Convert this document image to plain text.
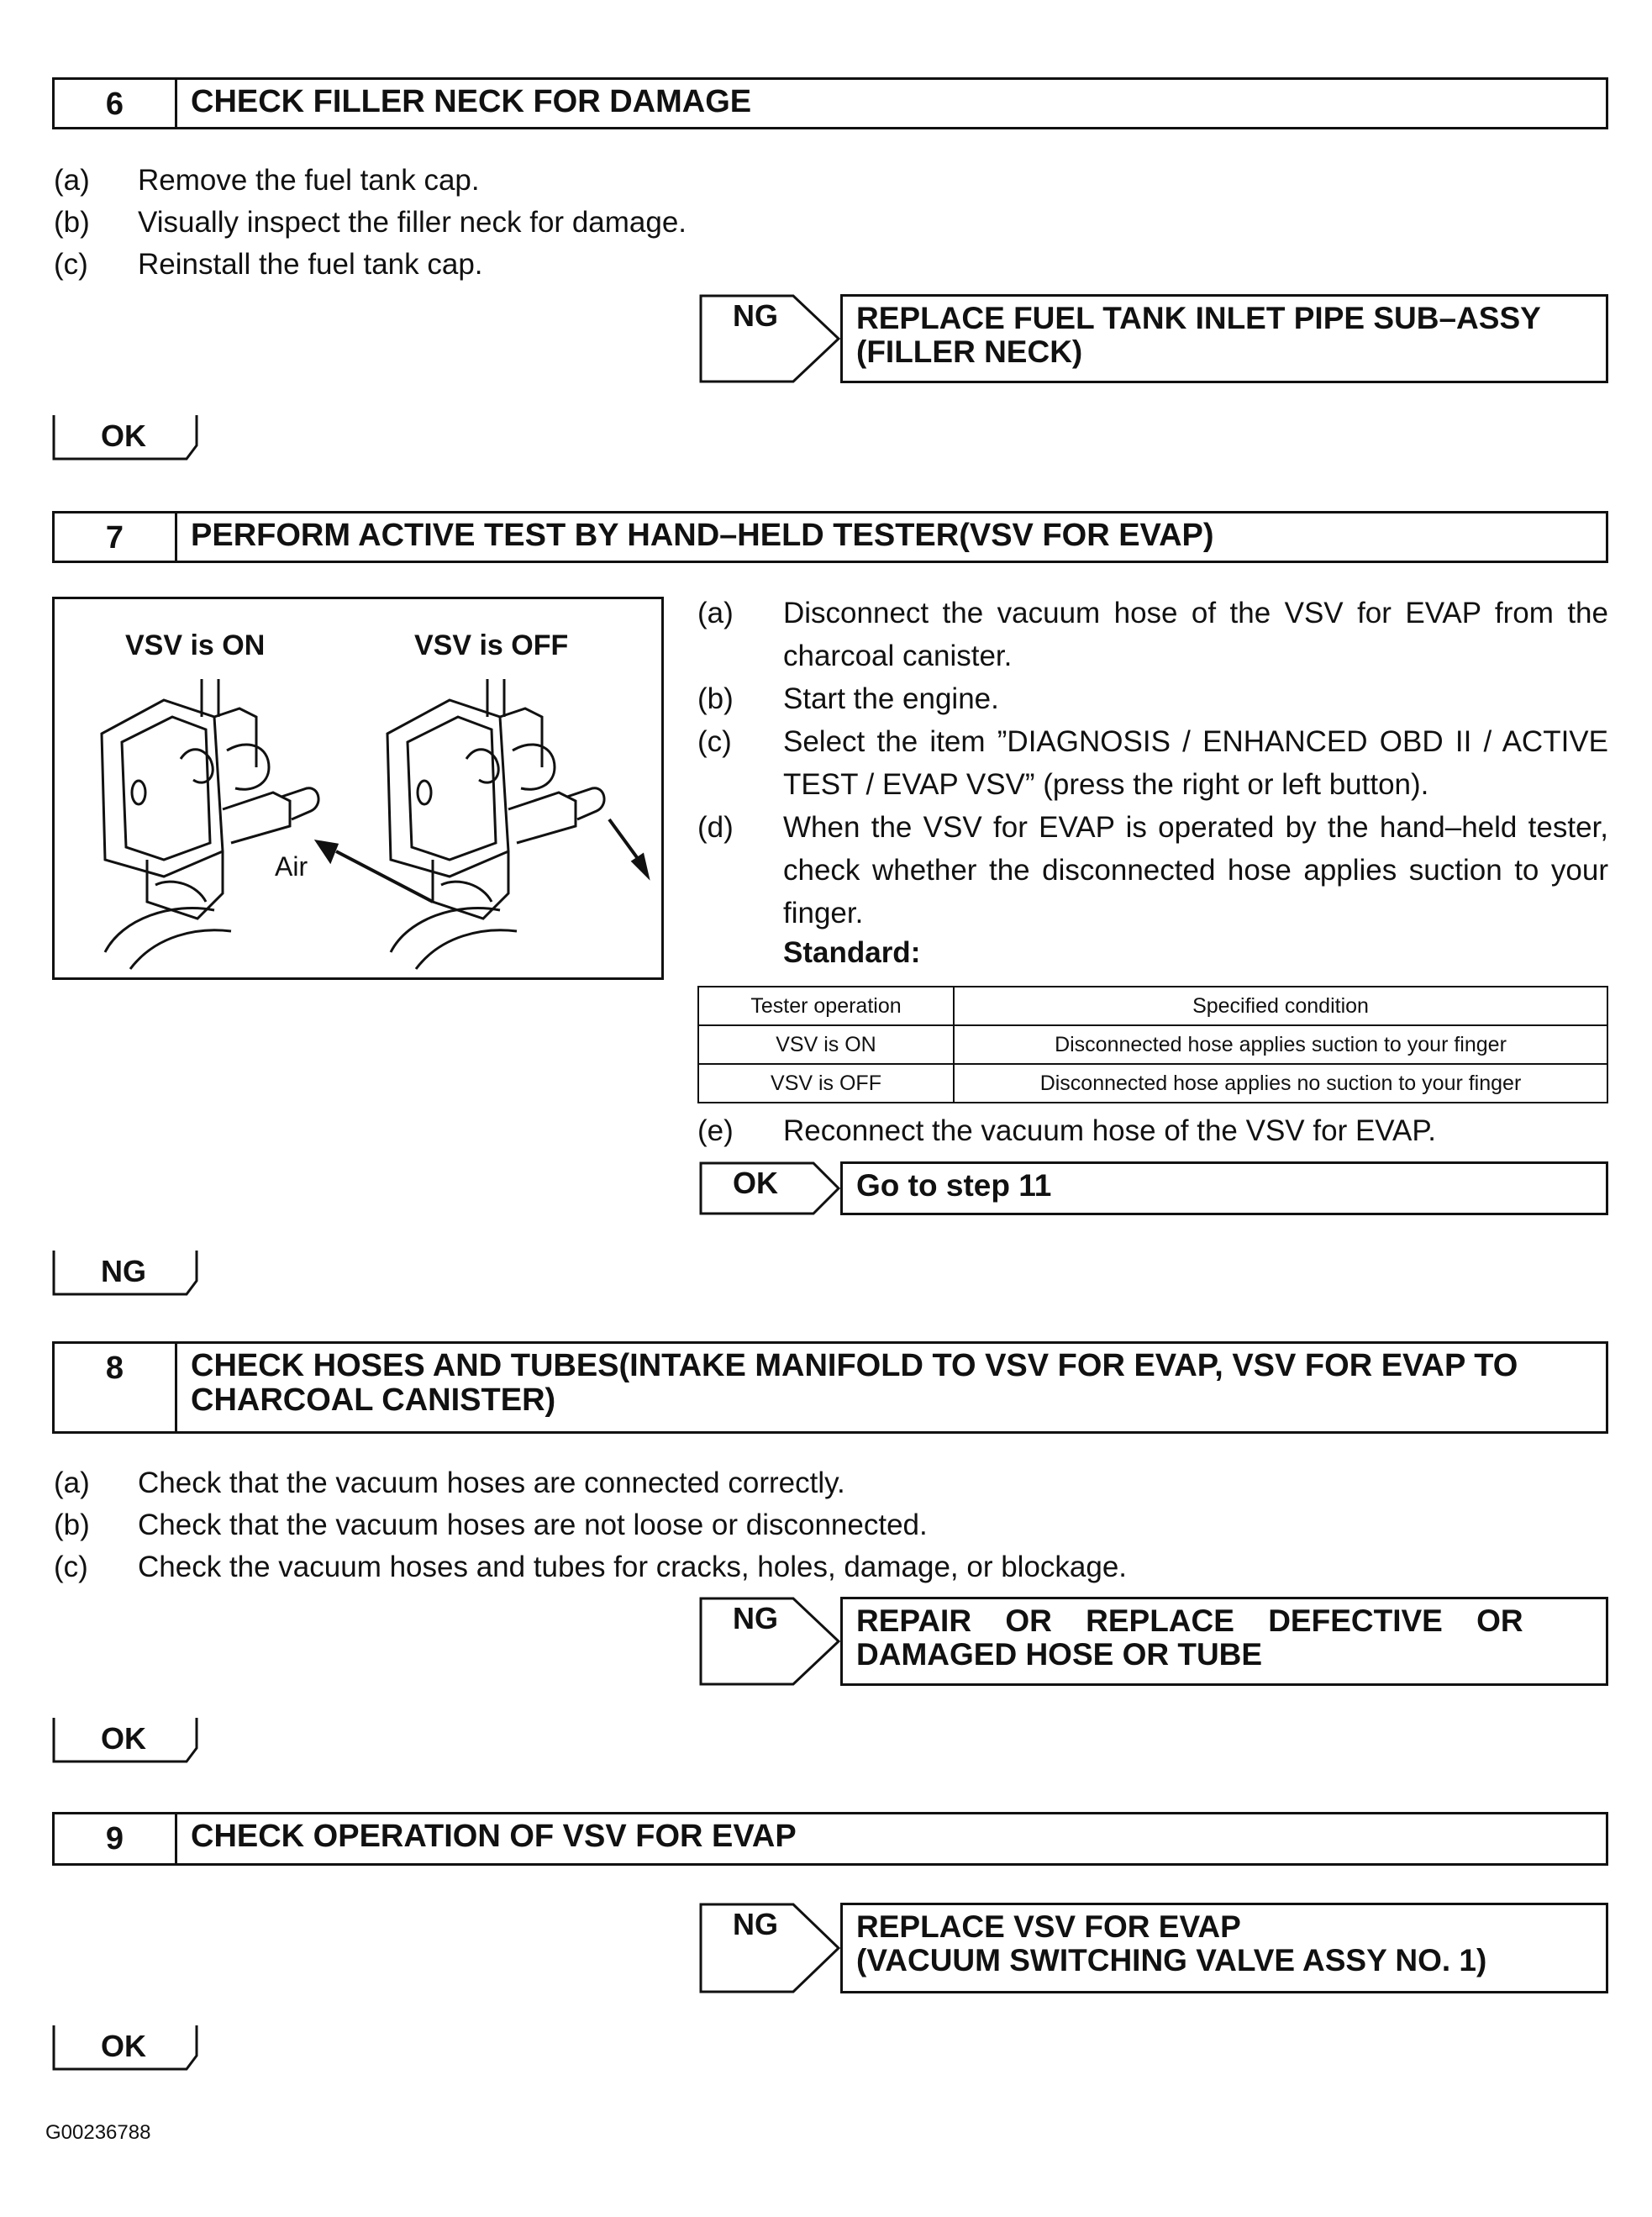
6	CHECK FILLER NECK FOR DAMAGE
(a) Remove the fuel tank cap.
(b) Visually inspect the filler neck for damage.
(c) Reinstall the fuel tank cap.
NG	REPLACE FUEL TANK INLET PIPE SUB–ASSY
(FILLER NECK)
OK
7	PERFORM ACTIVE TEST BY HAND–HELD TESTER(VSV FOR EVAP)
VSV is ON	VSV is OFF
Air
(a) Disconnect the vacuum hose of the VSV for EVAP from the charcoal canister.
(b) Start the engine.
(c) Select the item ”DIAGNOSIS / ENHANCED OBD II / ACTIVE TEST / EVAP VSV” (press the right or left button).
(d) When the VSV for EVAP is operated by the hand–held tester, check whether the disconnected hose applies suction to your finger.
Standard:
Tester operation	Specified condition
VSV is ON	Disconnected hose applies suction to your finger
VSV is OFF	Disconnected hose applies no suction to your finger
(e) Reconnect the vacuum hose of the VSV for EVAP.
OK	Go to step 11
NG
8	CHECK HOSES AND TUBES(INTAKE MANIFOLD TO VSV FOR EVAP, VSV FOR EVAP TO CHARCOAL CANISTER)
(a) Check that the vacuum hoses are connected correctly.
(b) Check that the vacuum hoses are not loose or disconnected.
(c) Check the vacuum hoses and tubes for cracks, holes, damage, or blockage.
NG	REPAIR OR REPLACE DEFECTIVE OR
DAMAGED HOSE OR TUBE
OK
9	CHECK OPERATION OF VSV FOR EVAP
NG	REPLACE VSV FOR EVAP
(VACUUM SWITCHING VALVE ASSY NO. 1)
OK
G00236788
